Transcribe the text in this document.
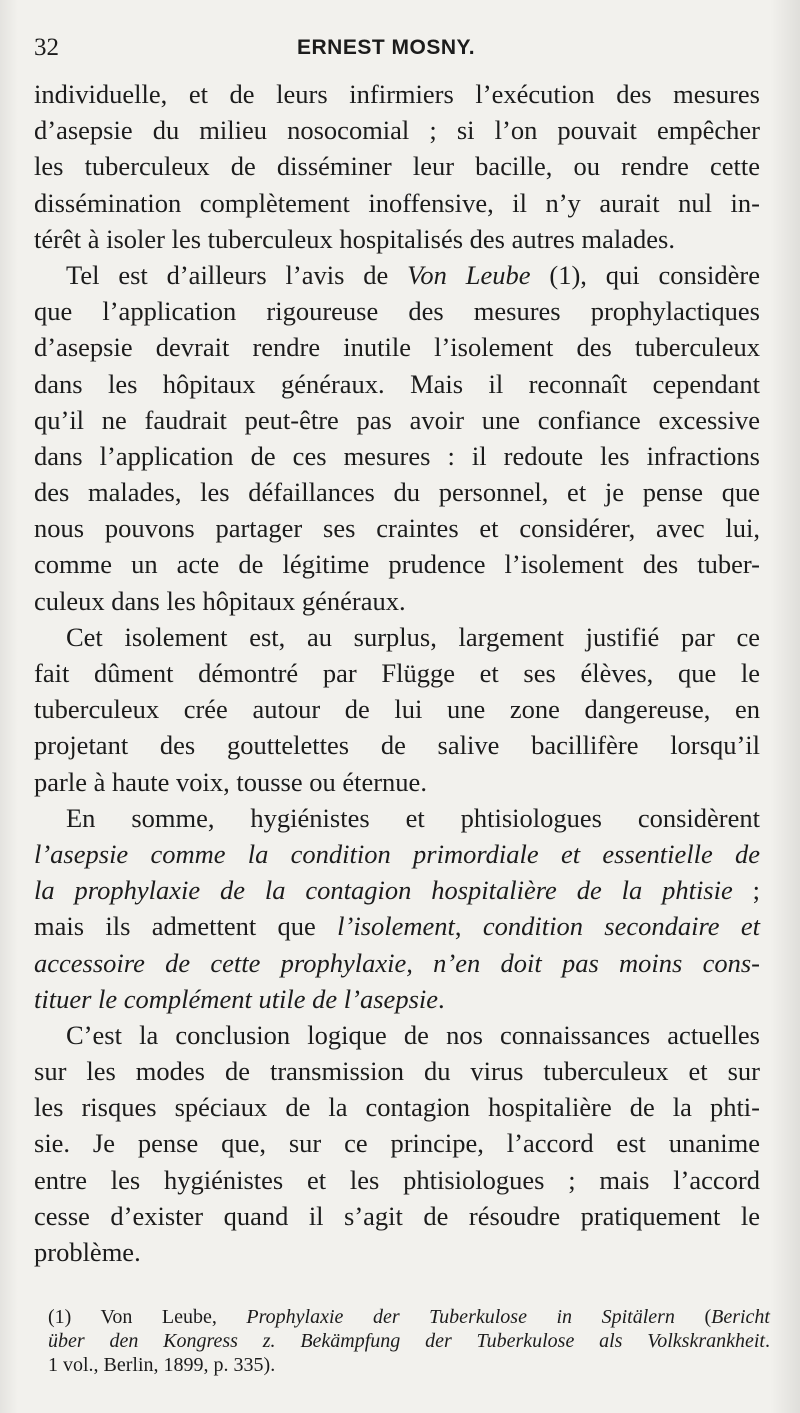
32	ERNEST MOSNY.
individuelle, et de leurs infirmiers l’exécution des mesures
d’asepsie du milieu nosocomial ; si l’on pouvait empêcher
les tuberculeux de disséminer leur bacille, ou rendre cette
dissémination complètement inoffensive, il n’y aurait nul in-
térêt à isoler les tuberculeux hospitalisés des autres malades.
Tel est d’ailleurs l’avis de Von Leube (1), qui considère
que l’application rigoureuse des mesures prophylactiques
d’asepsie devrait rendre inutile l’isolement des tuberculeux
dans les hôpitaux généraux. Mais il reconnaît cependant
qu’il ne faudrait peut-être pas avoir une confiance excessive
dans l’application de ces mesures : il redoute les infractions
des malades, les défaillances du personnel, et je pense que
nous pouvons partager ses craintes et considérer, avec lui,
comme un acte de légitime prudence l’isolement des tuber-
culeux dans les hôpitaux généraux.
Cet isolement est, au surplus, largement justifié par ce
fait dûment démontré par Flügge et ses élèves, que le
tuberculeux crée autour de lui une zone dangereuse, en
projetant des gouttelettes de salive bacillifère lorsqu’il
parle à haute voix, tousse ou éternue.
En somme, hygiénistes et phtisiologues considèrent
l’asepsie comme la condition primordiale et essentielle de
la prophylaxie de la contagion hospitalière de la phtisie ;
mais ils admettent que l’isolement, condition secondaire et
accessoire de cette prophylaxie, n’en doit pas moins cons-
tituer le complément utile de l’asepsie.
C’est la conclusion logique de nos connaissances actuelles
sur les modes de transmission du virus tuberculeux et sur
les risques spéciaux de la contagion hospitalière de la phti-
sie. Je pense que, sur ce principe, l’accord est unanime
entre les hygiénistes et les phtisiologues ; mais l’accord
cesse d’exister quand il s’agit de résoudre pratiquement le
problème.
(1) Von Leube, Prophylaxie der Tuberkulose in Spitälern (Bericht
über den Kongress z. Bekämpfung der Tuberkulose als Volkskrankheit.
1 vol., Berlin, 1899, p. 335).
